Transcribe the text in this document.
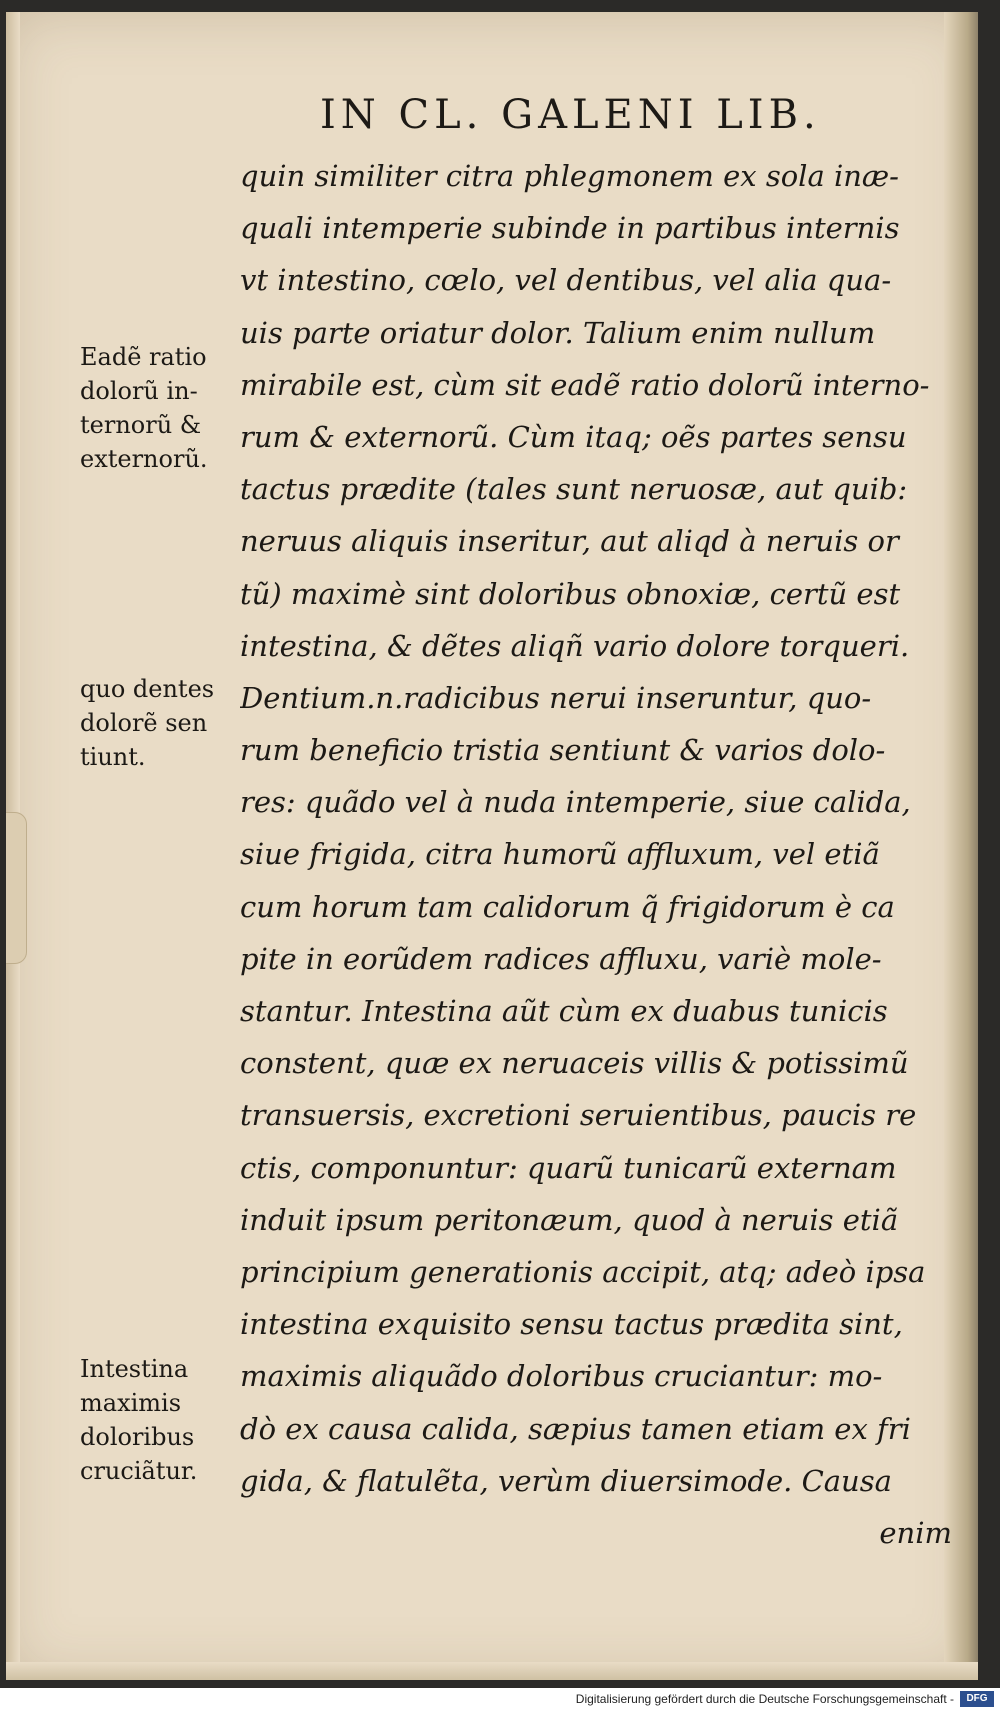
IN CL. GALENI LIB.
quin similiter citra phlegmonem ex sola inæ-
quali intemperie subinde in partibus internis
vt intestino, cœlo, vel dentibus, vel alia qua-
uis parte oriatur dolor. Talium enim nullum
mirabile est, cùm sit eadẽ ratio dolorũ interno-
rum & externorũ. Cùm itaq; oẽs partes sensu
tactus prædite (tales sunt neruosæ, aut quib:
neruus aliquis inseritur, aut aliqd à neruis or
tũ) maximè sint doloribus obnoxiæ, certũ est
intestina, & dẽtes aliqñ vario dolore torqueri.
Dentium.n.radicibus nerui inseruntur, quo-
rum beneficio tristia sentiunt & varios dolo-
res: quãdo vel à nuda intemperie, siue calida,
siue frigida, citra humorũ affluxum, vel etiã
cum horum tam calidorum q̃ frigidorum è ca
pite in eorũdem radices affluxu, variè mole-
stantur. Intestina aũt cùm ex duabus tunicis
constent, quæ ex neruaceis villis & potissimũ
transuersis, excretioni seruientibus, paucis re
ctis, componuntur: quarũ tunicarũ externam
induit ipsum peritonæum, quod à neruis etiã
principium generationis accipit, atq; adeò ipsa
intestina exquisito sensu tactus prædita sint,
maximis aliquãdo doloribus cruciantur: mo-
dò ex causa calida, sæpius tamen etiam ex fri
gida, & flatulẽta, verùm diuersimode. Causa
enim
Eadẽ ratio
dolorũ in-
ternorũ &
externorũ.
quo dentes
dolorẽ sen
tiunt.
Intestina
maximis
doloribus
cruciãtur.
Digitalisierung gefördert durch die Deutsche Forschungsgemeinschaft -	DFG
